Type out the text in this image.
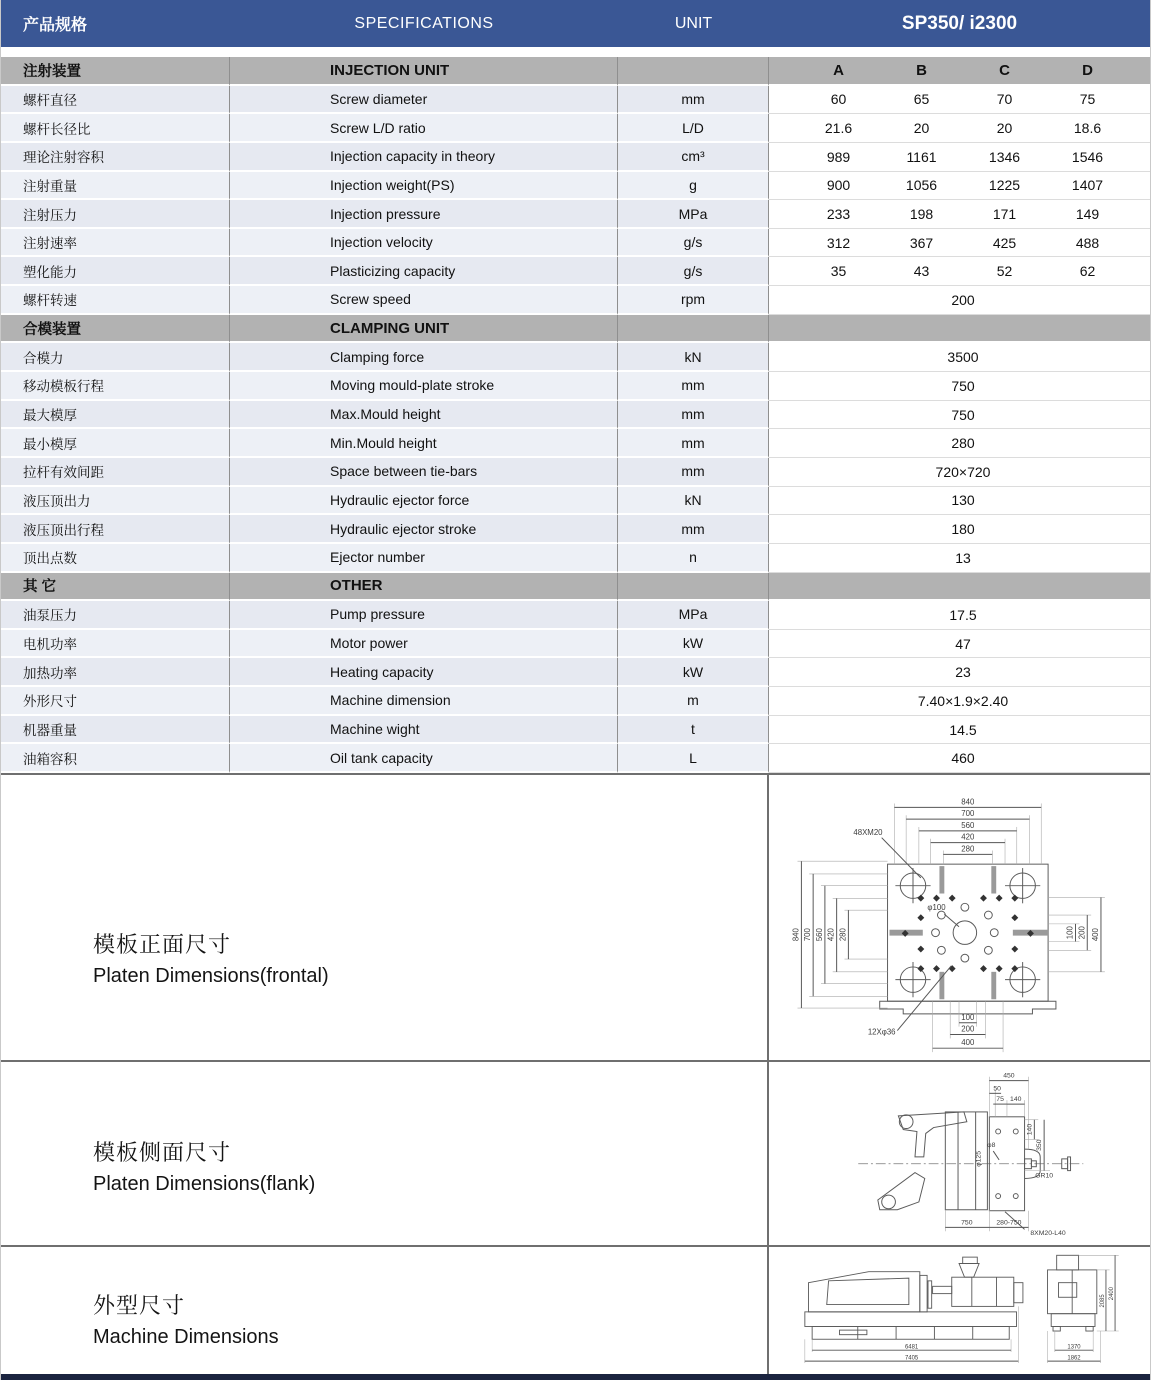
产品规格	SPECIFICATIONS	UNIT	SP350/ i2300
注射装置	INJECTION UNIT	A	B	C	D
螺杆直径	Screw diameter	mm	60	65	70	75
螺杆长径比	Screw L/D ratio	L/D	21.6	20	20	18.6
理论注射容积	Injection capacity in theory	cm³	989	1161	1346	1546
注射重量	Injection weight(PS)	g	900	1056	1225	1407
注射压力	Injection pressure	MPa	233	198	171	149
注射速率	Injection velocity	g/s	312	367	425	488
塑化能力	Plasticizing capacity	g/s	35	43	52	62
螺杆转速	Screw speed	rpm	200
合模装置	CLAMPING UNIT
合模力	Clamping force	kN	3500
移动模板行程	Moving mould-plate stroke	mm	750
最大模厚	Max.Mould height	mm	750
最小模厚	Min.Mould height	mm	280
拉杆有效间距	Space between tie-bars	mm	720×720
液压顶出力	Hydraulic ejector force	kN	130
液压顶出行程	Hydraulic ejector stroke	mm	180
顶出点数	Ejector number	n	13
其 它	OTHER
油泵压力	Pump pressure	MPa	17.5
电机功率	Motor power	kW	47
加热功率	Heating capacity	kW	23
外形尺寸	Machine dimension	m	7.40×1.9×2.40
机器重量	Machine wight	t	14.5
油箱容积	Oil tank capacity	L	460
模板正面尺寸
Platen Dimensions(frontal)
840
700
560
420
280
840 700 560 420 280	400
200
100
100
200
400
48XM20
φ100
12Xφ36
模板侧面尺寸
Platen Dimensions(flank)
450
50
75 140
140
350
750	280-750
φ125
φ8
GR10
8XM20-L40
外型尺寸
Machine Dimensions	6481
7405
1370
1862
2085
2400
